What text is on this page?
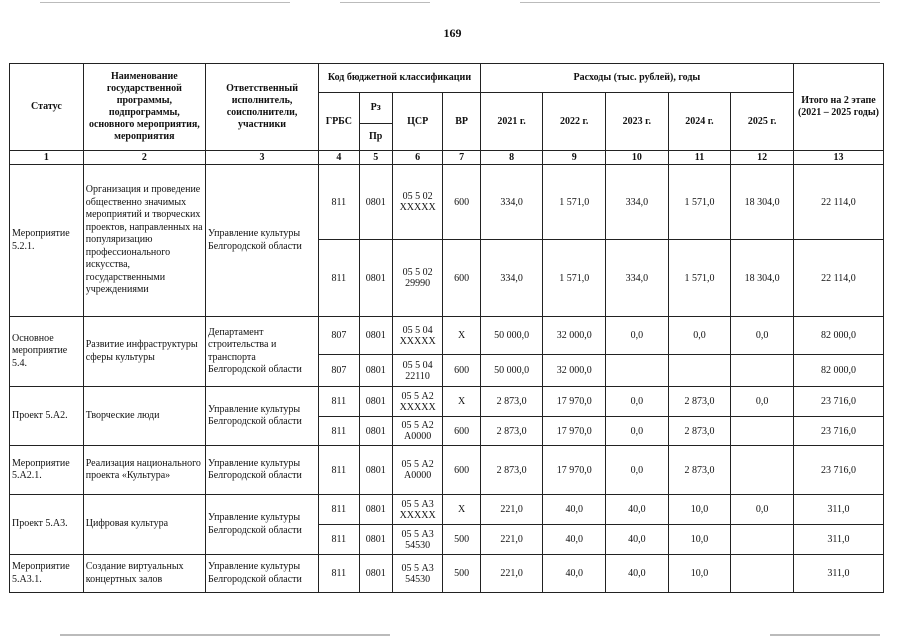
169
Статус	Наименование государственной программы, подпрограммы, основного мероприятия, мероприятия	Ответственный исполнитель, соисполнители, участники	Код бюджетной классификации				Расходы (тыс. рублей), годы					Итого на 2 этапе (2021 – 2025 годы)
			ГРБС	Рз	ЦСР	ВР	2021 г.	2022 г.	2023 г.	2024 г.	2025 г.	
				Пр								
1	2	3	4	5	6	7	8	9	10	11	12	13
Мероприятие 5.2.1.	Организация и проведение общественно значимых мероприятий и творческих проектов, направленных на популяризацию профессионального искусства, государственными учреждениями	Управление культуры Белгородской области	811	0801	05 5 02 XXXXX	600	334,0	1 571,0	334,0	1 571,0	18 304,0	22 114,0
			811	0801	05 5 02 29990	600	334,0	1 571,0	334,0	1 571,0	18 304,0	22 114,0
Основное мероприятие 5.4.	Развитие инфраструктуры сферы культуры	Департамент строительства и транспорта Белгородской области	807	0801	05 5 04 XXXXX	X	50 000,0	32 000,0	0,0	0,0	0,0	82 000,0
			807	0801	05 5 04 22110	600	50 000,0	32 000,0				82 000,0
Проект 5.А2.	Творческие люди	Управление культуры Белгородской области	811	0801	05 5 А2 XXXXX	X	2 873,0	17 970,0	0,0	2 873,0	0,0	23 716,0
			811	0801	05 5 А2 А0000	600	2 873,0	17 970,0	0,0	2 873,0		23 716,0
Мероприятие 5.А2.1.	Реализация национального проекта «Культура»	Управление культуры Белгородской области	811	0801	05 5 А2 А0000	600	2 873,0	17 970,0	0,0	2 873,0		23 716,0
Проект 5.А3.	Цифровая культура	Управление культуры Белгородской области	811	0801	05 5 А3 XXXXX	X	221,0	40,0	40,0	10,0	0,0	311,0
			811	0801	05 5 А3 54530	500	221,0	40,0	40,0	10,0		311,0
Мероприятие 5.А3.1.	Создание виртуальных концертных залов	Управление культуры Белгородской области	811	0801	05 5 А3 54530	500	221,0	40,0	40,0	10,0		311,0
